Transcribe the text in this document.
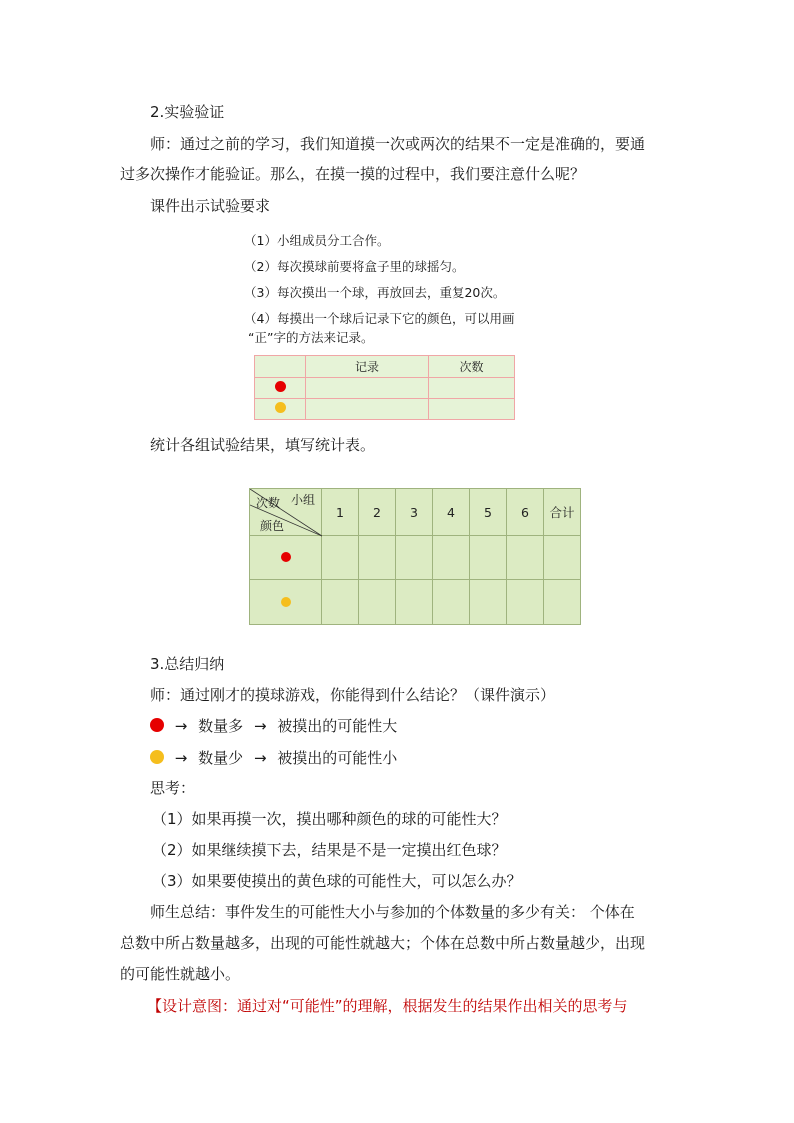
2.实验验证
师：通过之前的学习，我们知道摸一次或两次的结果不一定是准确的，要通
过多次操作才能验证。那么，在摸一摸的过程中，我们要注意什么呢？
课件出示试验要求
（1）小组成员分工合作。
（2）每次摸球前要将盒子里的球摇匀。
（3）每次摸出一个球，再放回去，重复20次。
（4）每摸出一个球后记录下它的颜色，可以用画
“正”字的方法来记录。
	记录	次数

统计各组试验结果，填写统计表。
小组
次数
颜色	1	2	3	4	5	6	合计

3.总结归纳
师：通过刚才的摸球游戏，你能得到什么结论？（课件演示）
→ 数量多 → 被摸出的可能性大
→ 数量少 → 被摸出的可能性小
思考：
（1）如果再摸一次，摸出哪种颜色的球的可能性大？
（2）如果继续摸下去，结果是不是一定摸出红色球？
（3）如果要使摸出的黄色球的可能性大，可以怎么办？
师生总结：事件发生的可能性大小与参加的个体数量的多少有关： 个体在
总数中所占数量越多，出现的可能性就越大；个体在总数中所占数量越少，出现
的可能性就越小。
【设计意图：通过对“可能性”的理解，根据发生的结果作出相关的思考与
